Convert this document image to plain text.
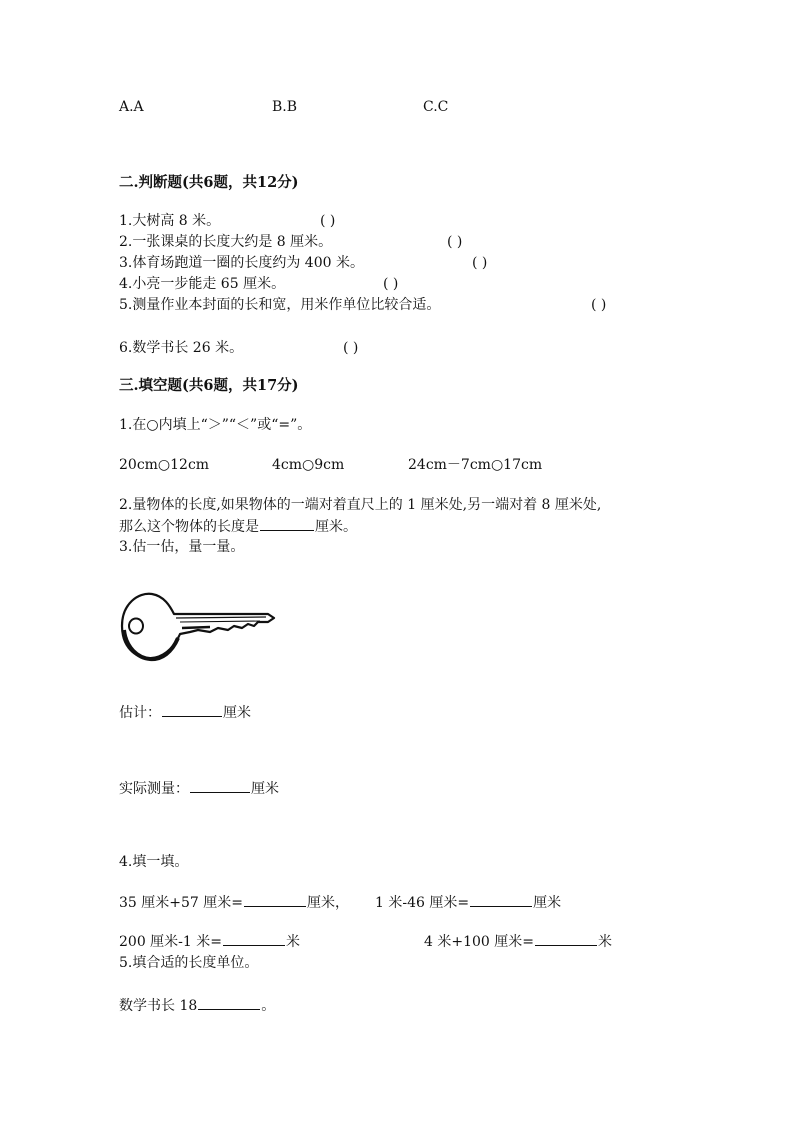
A.A	B.B	C.C
二.判断题(共6题，共12分)
1.大树高 8 米。	( )
2.一张课桌的长度大约是 8 厘米。	( )
3.体育场跑道一圈的长度约为 400 米。	( )
4.小亮一步能走 65 厘米。	( )
5.测量作业本封面的长和宽，用米作单位比较合适。	( )
6.数学书长 26 米。	( )
三.填空题(共6题，共17分)
1.在○内填上“＞”“＜”或“=”。
20cm○12cm	4cm○9cm	24cm－7cm○17cm
2.量物体的长度,如果物体的一端对着直尺上的 1 厘米处,另一端对着 8 厘米处,
那么这个物体的长度是	厘米。
3.估一估，量一量。
估计：	厘米
实际测量：	厘米
4.填一填。
35 厘米+57 厘米=	厘米， 1 米-46 厘米=	厘米
200 厘米-1 米=	米	4 米+100 厘米=	米
5.填合适的长度单位。
数学书长 18	。
